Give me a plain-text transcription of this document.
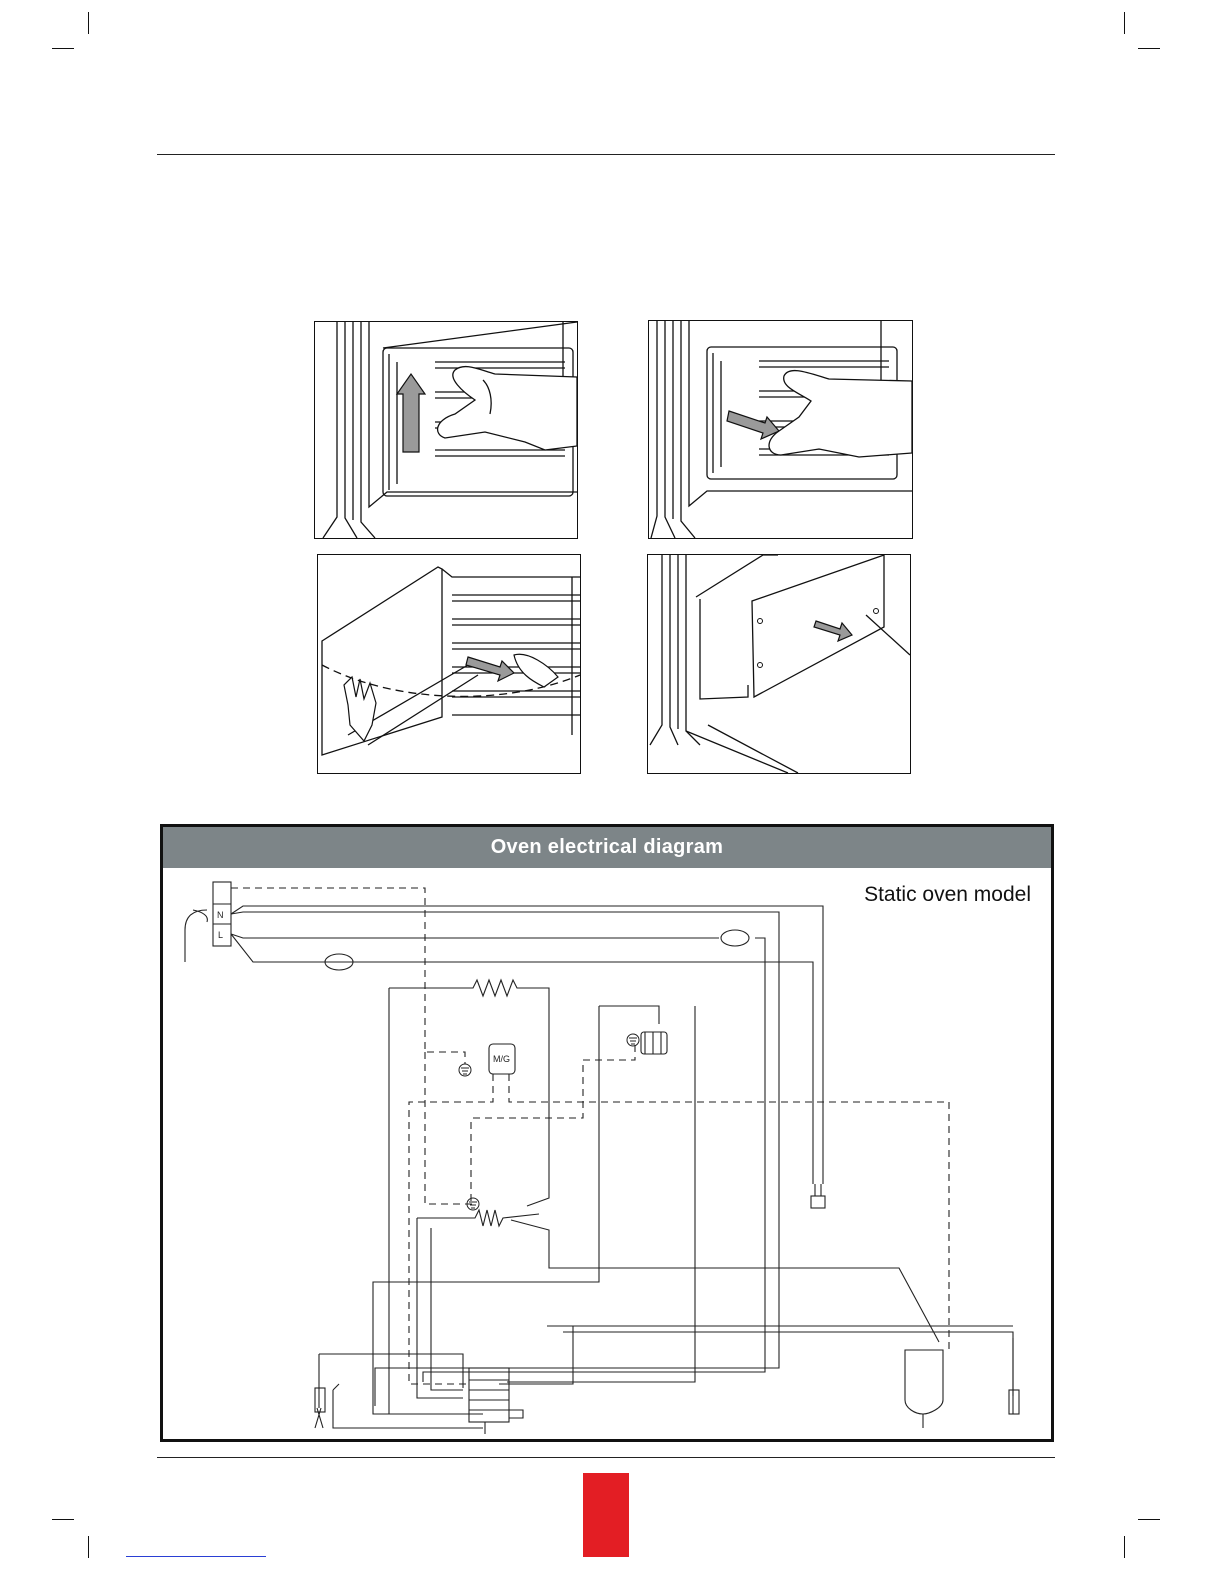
Oven electrical diagram
Static oven model
N
L
M/G
